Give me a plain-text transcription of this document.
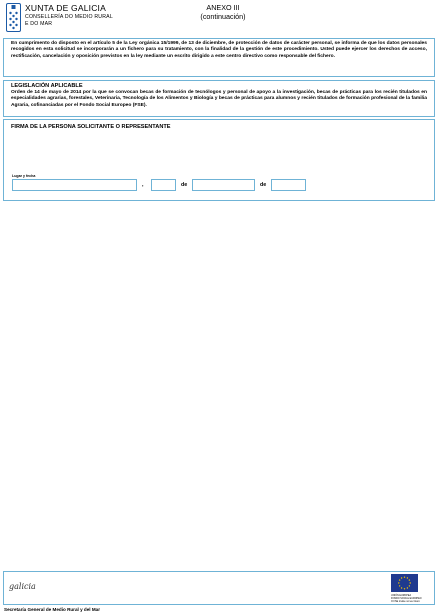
XUNTA DE GALICIA
CONSELLERÍA DO MEDIO RURAL
E DO MAR
ANEXO III
(continuación)

En cumprimento do disposto en el artículo 5 de la Ley orgánica 15/1999, de 13 de diciembre, de protección de datos de carácter personal, se informa de que los datos personales recogidos en esta solicitud se incorporarán a un fichero para su tratamiento, con la finalidad de la gestión de este procedimiento. Usted puede ejercer los derechos de acceso, rectificación, cancelación y oposición previstos en la ley mediante un escrito dirigido a este centro directivo como responsable del fichero.

LEGISLACIÓN APLICABLE

Orden de 14 de mayo de 2014 por la que se convocan becas de formación de tecnólogos y personal de apoyo a la investigación, becas de prácticas para los recién titulados en especialidades agrarias, forestales, Veterinaria, Tecnología de los Alimentos y Biología y becas de prácticas para alumnos y recién titulados de formación profesional de la familia Agraria, cofinanciadas por el Fondo Social Europeo (FSE).

FIRMA DE LA PERSONA SOLICITANTE O REPRESENTANTE
Lugar y fecha
,	de	de
galicia
UNIÓN EUROPEA
FONDO SOCIAL EUROPEO
O FSE inviste no teu futuro
Secretaría General de Medio Rural y del Mar
